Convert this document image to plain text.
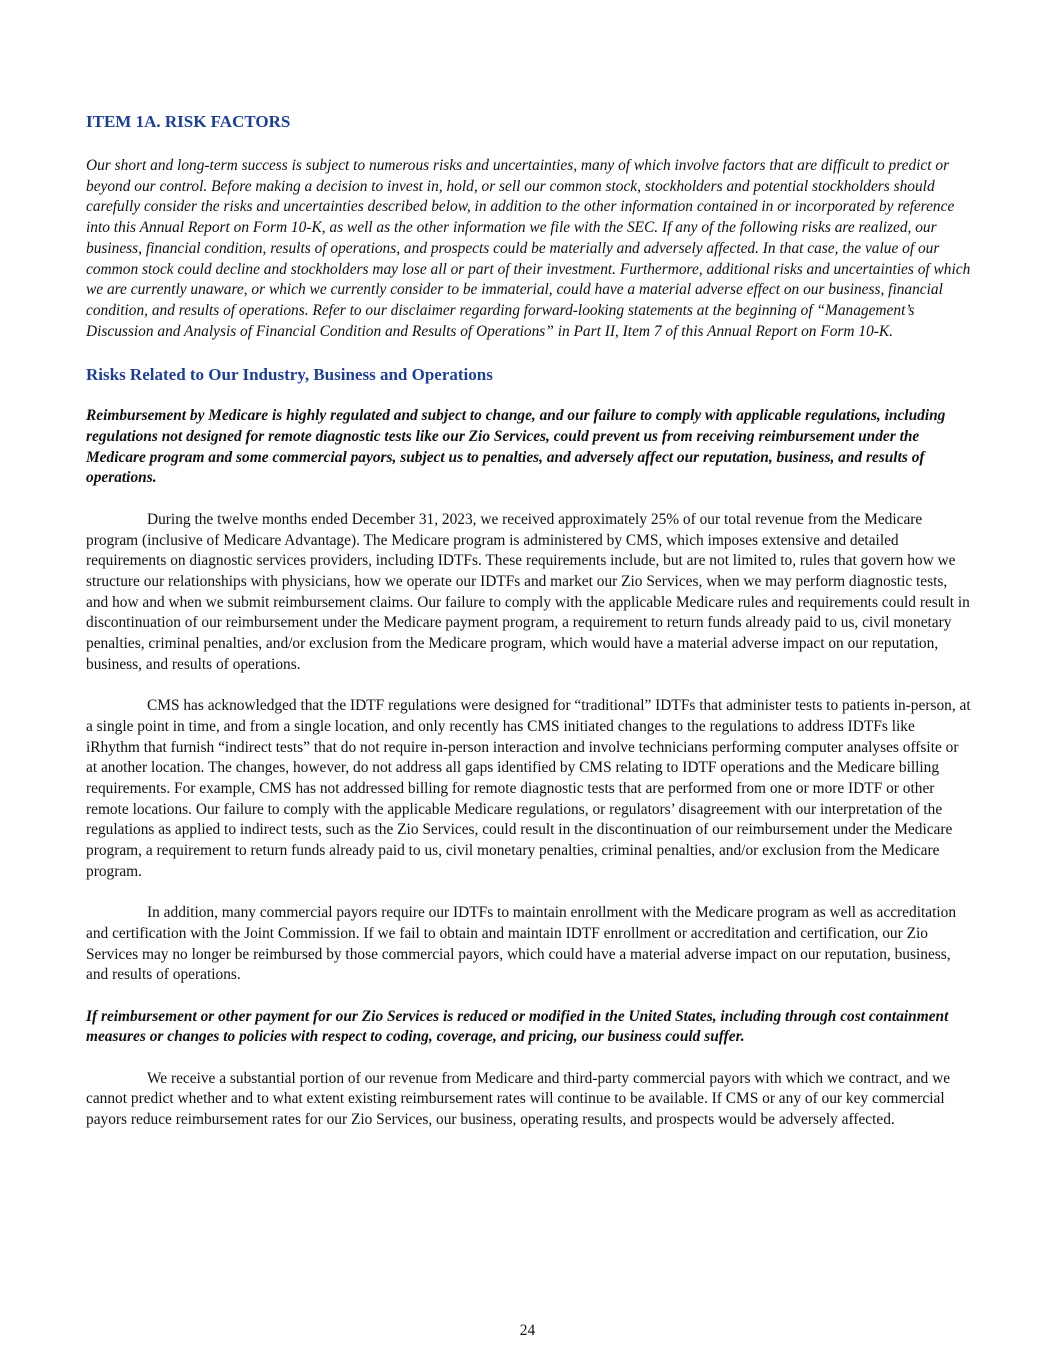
ITEM 1A. RISK FACTORS

Our short and long-term success is subject to numerous risks and uncertainties, many of which involve factors that are difficult to predict or beyond our control. Before making a decision to invest in, hold, or sell our common stock, stockholders and potential stockholders should carefully consider the risks and uncertainties described below, in addition to the other information contained in or incorporated by reference into this Annual Report on Form 10-K, as well as the other information we file with the SEC. If any of the following risks are realized, our business, financial condition, results of operations, and prospects could be materially and adversely affected. In that case, the value of our common stock could decline and stockholders may lose all or part of their investment. Furthermore, additional risks and uncertainties of which we are currently unaware, or which we currently consider to be immaterial, could have a material adverse effect on our business, financial condition, and results of operations. Refer to our disclaimer regarding forward-looking statements at the beginning of “Management’s Discussion and Analysis of Financial Condition and Results of Operations” in Part II, Item 7 of this Annual Report on Form 10-K.

Risks Related to Our Industry, Business and Operations

Reimbursement by Medicare is highly regulated and subject to change, and our failure to comply with applicable regulations, including regulations not designed for remote diagnostic tests like our Zio Services, could prevent us from receiving reimbursement under the Medicare program and some commercial payors, subject us to penalties, and adversely affect our reputation, business, and results of operations.

During the twelve months ended December 31, 2023, we received approximately 25% of our total revenue from the Medicare program (inclusive of Medicare Advantage). The Medicare program is administered by CMS, which imposes extensive and detailed requirements on diagnostic services providers, including IDTFs. These requirements include, but are not limited to, rules that govern how we structure our relationships with physicians, how we operate our IDTFs and market our Zio Services, when we may perform diagnostic tests, and how and when we submit reimbursement claims. Our failure to comply with the applicable Medicare rules and requirements could result in discontinuation of our reimbursement under the Medicare payment program, a requirement to return funds already paid to us, civil monetary penalties, criminal penalties, and/or exclusion from the Medicare program, which would have a material adverse impact on our reputation, business, and results of operations.

CMS has acknowledged that the IDTF regulations were designed for “traditional” IDTFs that administer tests to patients in-person, at a single point in time, and from a single location, and only recently has CMS initiated changes to the regulations to address IDTFs like iRhythm that furnish “indirect tests” that do not require in-person interaction and involve technicians performing computer analyses offsite or at another location. The changes, however, do not address all gaps identified by CMS relating to IDTF operations and the Medicare billing requirements. For example, CMS has not addressed billing for remote diagnostic tests that are performed from one or more IDTF or other remote locations. Our failure to comply with the applicable Medicare regulations, or regulators’ disagreement with our interpretation of the regulations as applied to indirect tests, such as the Zio Services, could result in the discontinuation of our reimbursement under the Medicare program, a requirement to return funds already paid to us, civil monetary penalties, criminal penalties, and/or exclusion from the Medicare program.

In addition, many commercial payors require our IDTFs to maintain enrollment with the Medicare program as well as accreditation and certification with the Joint Commission. If we fail to obtain and maintain IDTF enrollment or accreditation and certification, our Zio Services may no longer be reimbursed by those commercial payors, which could have a material adverse impact on our reputation, business, and results of operations.

If reimbursement or other payment for our Zio Services is reduced or modified in the United States, including through cost containment measures or changes to policies with respect to coding, coverage, and pricing, our business could suffer.

We receive a substantial portion of our revenue from Medicare and third-party commercial payors with which we contract, and we cannot predict whether and to what extent existing reimbursement rates will continue to be available. If CMS or any of our key commercial payors reduce reimbursement rates for our Zio Services, our business, operating results, and prospects would be adversely affected.

24
